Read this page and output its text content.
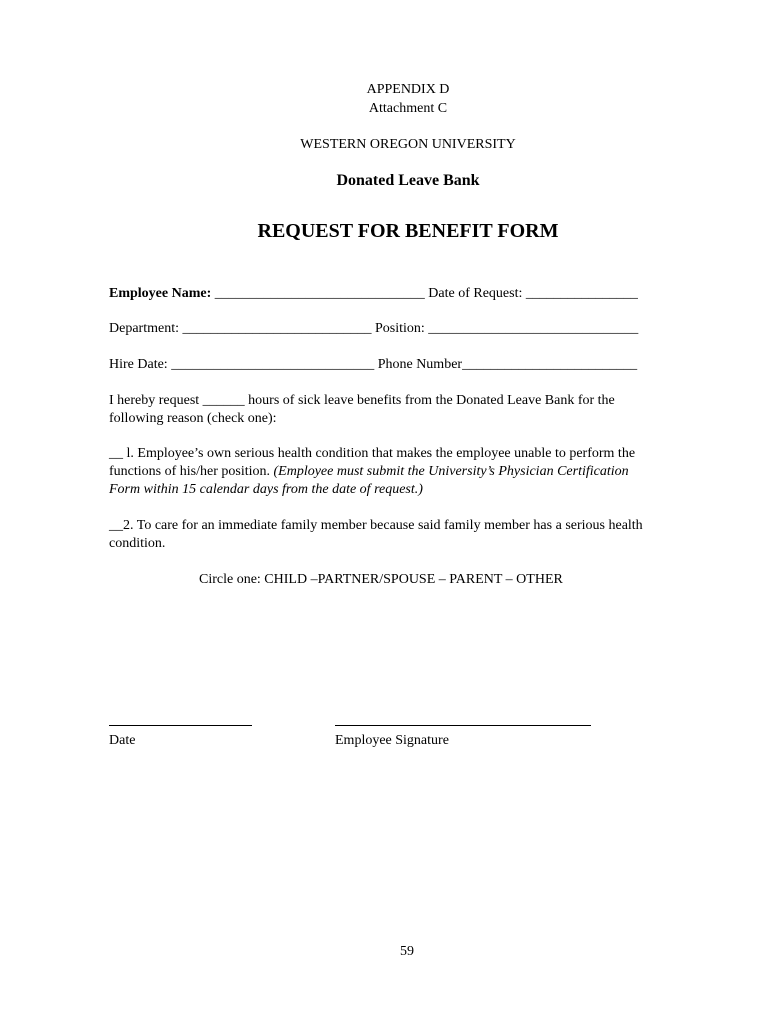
APPENDIX D
Attachment C
WESTERN OREGON UNIVERSITY
Donated Leave Bank
REQUEST FOR BENEFIT FORM
Employee Name: ______________________________ Date of Request: ________________
Department: ___________________________ Position: ______________________________
Hire Date: _____________________________ Phone Number_________________________

I hereby request ______ hours of sick leave benefits from the Donated Leave Bank for the

following reason (check one):

__ l. Employee’s own serious health condition that makes the employee unable to perform the

functions of his/her position. (Employee must submit the University’s Physician Certification

Form within 15 calendar days from the date of request.)

__2. To care for an immediate family member because said family member has a serious health

condition.

Circle one: CHILD –PARTNER/SPOUSE – PARENT – OTHER
Date	Employee Signature
59
